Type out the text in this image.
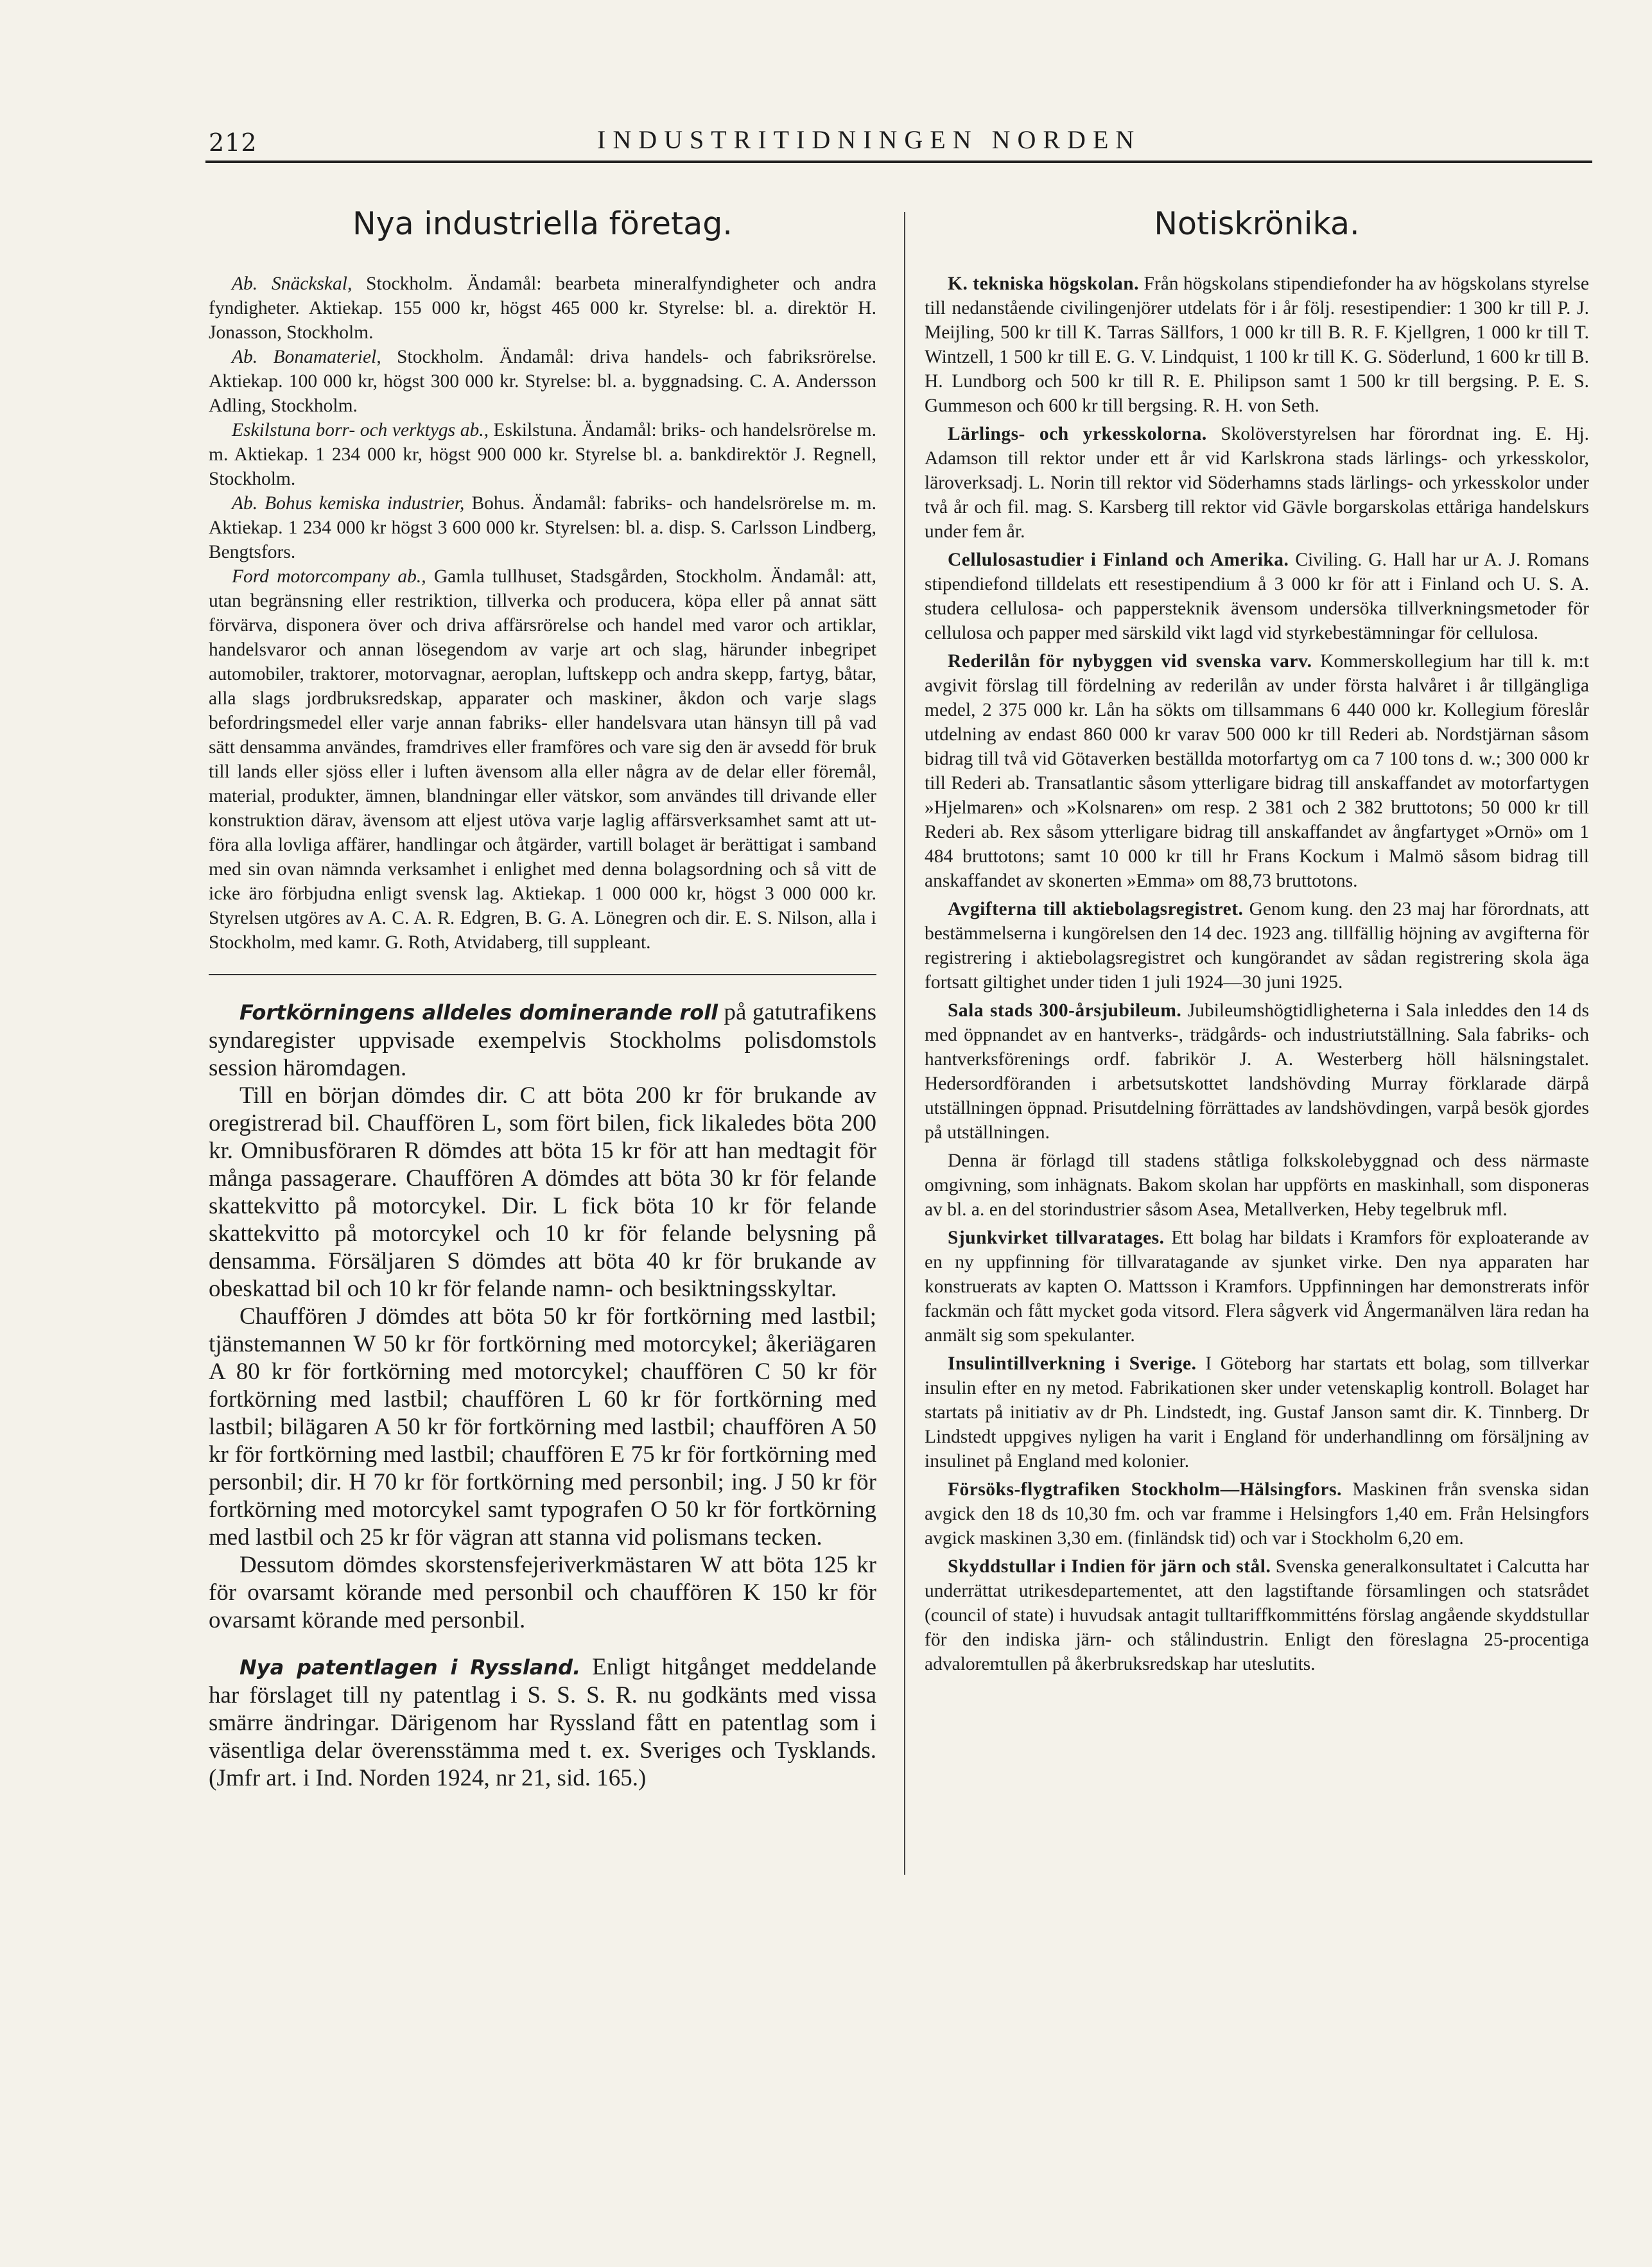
212	INDUSTRITIDNINGEN NORDEN
Nya industriella företag.

Ab. Snäckskal, Stockholm. Ändamål: bearbeta mineralfyndigheter och andra fyndigheter. Aktiekap. 155 000 kr, högst 465 000 kr. Styrelse: bl. a. direktör H. Jonasson, Stockholm.

Ab. Bonamateriel, Stockholm. Ändamål: driva handels- och fabriksrörelse. Aktiekap. 100 000 kr, högst 300 000 kr. Styrelse: bl. a. byggnadsing. C. A. Andersson Adling, Stockholm.

Eskilstuna borr- och verktygs ab., Eskilstuna. Ändamål: briks- och handelsrörelse m. m. Aktiekap. 1 234 000 kr, högst 900 000 kr. Styrelse bl. a. bankdirektör J. Regnell, Stockholm.

Ab. Bohus kemiska industrier, Bohus. Ändamål: fabriks- och handelsrörelse m. m. Aktiekap. 1 234 000 kr högst 3 600 000 kr. Styrelsen: bl. a. disp. S. Carlsson Lindberg, Bengtsfors.

Ford motorcompany ab., Gamla tullhuset, Stadsgården, Stockholm. Ändamål: att, utan begränsning eller restriktion, tillverka och producera, köpa eller på annat sätt förvärva, disponera över och driva affärsrörelse och handel med varor och artiklar, handelsvaror och annan lösegendom av varje art och slag, härunder inbegripet automobiler, traktorer, motorvagnar, aeroplan, luftskepp och andra skepp, fartyg, båtar, alla slags jordbruksredskap, apparater och maskiner, åkdon och varje slags befordringsmedel eller varje annan fabriks- eller handelsvara utan hänsyn till på vad sätt densamma användes, framdrives eller framföres och vare sig den är avsedd för bruk till lands eller sjöss eller i luften ävensom alla eller några av de delar eller föremål, material, produkter, ämnen, blandningar eller vätskor, som användes till drivande eller konstruktion därav, ävensom att eljest utöva varje laglig affärsverksamhet samt att utföra alla lovliga affärer, handlingar och åtgärder, vartill bolaget är berättigat i samband med sin ovan nämnda verksamhet i enlighet med denna bolagsordning och så vitt de icke äro förbjudna enligt svensk lag. Aktiekap. 1 000 000 kr, högst 3 000 000 kr. Styrelsen utgöres av A. C. A. R. Edgren, B. G. A. Lönegren och dir. E. S. Nilson, alla i Stockholm, med kamr. G. Roth, Atvidaberg, till suppleant.

Fortkörningens alldeles dominerande roll på gatutrafikens syndaregister uppvisade exempelvis Stockholms polisdomstols session häromdagen.

Till en början dömdes dir. C att böta 200 kr för brukande av oregistrerad bil. Chauffören L, som fört bilen, fick likaledes böta 200 kr. Omnibusföraren R dömdes att böta 15 kr för att han medtagit för många passagerare. Chauffören A dömdes att böta 30 kr för felande skattekvitto på motorcykel. Dir. L fick böta 10 kr för felande skattekvitto på motorcykel och 10 kr för felande belysning på densamma. Försäljaren S dömdes att böta 40 kr för brukande av obeskattad bil och 10 kr för felande namn- och besiktningsskyltar.

Chauffören J dömdes att böta 50 kr för fortkörning med lastbil; tjänstemannen W 50 kr för fortkörning med motorcykel; åkeriägaren A 80 kr för fortkörning med motorcykel; chauffören C 50 kr för fortkörning med lastbil; chauffören L 60 kr för fortkörning med lastbil; bilägaren A 50 kr för fortkörning med lastbil; chauffören A 50 kr för fortkörning med lastbil; chauffören E 75 kr för fortkörning med personbil; dir. H 70 kr för fortkörning med personbil; ing. J 50 kr för fortkörning med motorcykel samt typografen O 50 kr för fortkörning med lastbil och 25 kr för vägran att stanna vid polismans tecken.

Dessutom dömdes skorstensfejeriverkmästaren W att böta 125 kr för ovarsamt körande med personbil och chauffören K 150 kr för ovarsamt körande med personbil.

Nya patentlagen i Ryssland. Enligt hitgånget meddelande har förslaget till ny patentlag i S. S. S. R. nu godkänts med vissa smärre ändringar. Därigenom har Ryssland fått en patentlag som i väsentliga delar överensstämma med t. ex. Sveriges och Tysklands. (Jmfr art. i Ind. Norden 1924, nr 21, sid. 165.)

Notiskrönika.

K. tekniska högskolan. Från högskolans stipendiefonder ha av högskolans styrelse till nedanstående civilingenjörer utdelats för i år följ. resestipendier: 1 300 kr till P. J. Meijling, 500 kr till K. Tarras Sällfors, 1 000 kr till B. R. F. Kjellgren, 1 000 kr till T. Wintzell, 1 500 kr till E. G. V. Lindquist, 1 100 kr till K. G. Söderlund, 1 600 kr till B. H. Lundborg och 500 kr till R. E. Philipson samt 1 500 kr till bergsing. P. E. S. Gummeson och 600 kr till bergsing. R. H. von Seth.

Lärlings- och yrkesskolorna. Skolöverstyrelsen har förordnat ing. E. Hj. Adamson till rektor under ett år vid Karlskrona stads lärlings- och yrkesskolor, läroverksadj. L. Norin till rektor vid Söderhamns stads lärlings- och yrkesskolor under två år och fil. mag. S. Karsberg till rektor vid Gävle borgarskolas ettåriga handelskurs under fem år.

Cellulosastudier i Finland och Amerika. Civiling. G. Hall har ur A. J. Romans stipendiefond tilldelats ett resestipendium å 3 000 kr för att i Finland och U. S. A. studera cellulosa- och pappersteknik ävensom undersöka tillverkningsmetoder för cellulosa och papper med särskild vikt lagd vid styrkebestämningar för cellulosa.

Rederilån för nybyggen vid svenska varv. Kommerskollegium har till k. m:t avgivit förslag till fördelning av rederilån av under första halvåret i år tillgängliga medel, 2 375 000 kr. Lån ha sökts om tillsammans 6 440 000 kr. Kollegium föreslår utdelning av endast 860 000 kr varav 500 000 kr till Rederi ab. Nordstjärnan såsom bidrag till två vid Götaverken beställda motorfartyg om ca 7 100 tons d. w.; 300 000 kr till Rederi ab. Transatlantic såsom ytterligare bidrag till anskaffandet av motorfartygen »Hjelmaren» och »Kolsnaren» om resp. 2 381 och 2 382 bruttotons; 50 000 kr till Rederi ab. Rex såsom ytterligare bidrag till anskaffandet av ångfartyget »Ornö» om 1 484 bruttotons; samt 10 000 kr till hr Frans Kockum i Malmö såsom bidrag till anskaffandet av skonerten »Emma» om 88,73 bruttotons.

Avgifterna till aktiebolagsregistret. Genom kung. den 23 maj har förordnats, att bestämmelserna i kungörelsen den 14 dec. 1923 ang. tillfällig höjning av avgifterna för registrering i aktiebolagsregistret och kungörandet av sådan registrering skola äga fortsatt giltighet under tiden 1 juli 1924—30 juni 1925.

Sala stads 300-årsjubileum. Jubileumshögtidligheterna i Sala inleddes den 14 ds med öppnandet av en hantverks-, trädgårds- och industriutställning. Sala fabriks- och hantverksförenings ordf. fabrikör J. A. Westerberg höll hälsningstalet. Hedersordföranden i arbetsutskottet landshövding Murray förklarade därpå utställningen öppnad. Prisutdelning förrättades av landshövdingen, varpå besök gjordes på utställningen.

Denna är förlagd till stadens ståtliga folkskolebyggnad och dess närmaste omgivning, som inhägnats. Bakom skolan har uppförts en maskinhall, som disponeras av bl. a. en del storindustrier såsom Asea, Metallverken, Heby tegelbruk mfl.

Sjunkvirket tillvaratages. Ett bolag har bildats i Kramfors för exploaterande av en ny uppfinning för tillvaratagande av sjunket virke. Den nya apparaten har konstruerats av kapten O. Mattsson i Kramfors. Uppfinningen har demonstrerats inför fackmän och fått mycket goda vitsord. Flera sågverk vid Ångermanälven lära redan ha anmält sig som spekulanter.

Insulintillverkning i Sverige. I Göteborg har startats ett bolag, som tillverkar insulin efter en ny metod. Fabrikationen sker under vetenskaplig kontroll. Bolaget har startats på initiativ av dr Ph. Lindstedt, ing. Gustaf Janson samt dir. K. Tinnberg. Dr Lindstedt uppgives nyligen ha varit i England för underhandlinng om försäljning av insulinet på England med kolonier.

Försöks-flygtrafiken Stockholm—Hälsingfors. Maskinen från svenska sidan avgick den 18 ds 10,30 fm. och var framme i Helsingfors 1,40 em. Från Helsingfors avgick maskinen 3,30 em. (finländsk tid) och var i Stockholm 6,20 em.

Skyddstullar i Indien för järn och stål. Svenska generalkonsultatet i Calcutta har underrättat utrikesdepartementet, att den lagstiftande församlingen och statsrådet (council of state) i huvudsak antagit tulltariffkommitténs förslag angående skyddstullar för den indiska järn- och stålindustrin. Enligt den föreslagna 25-procentiga advaloremtullen på åkerbruksredskap har uteslutits.
